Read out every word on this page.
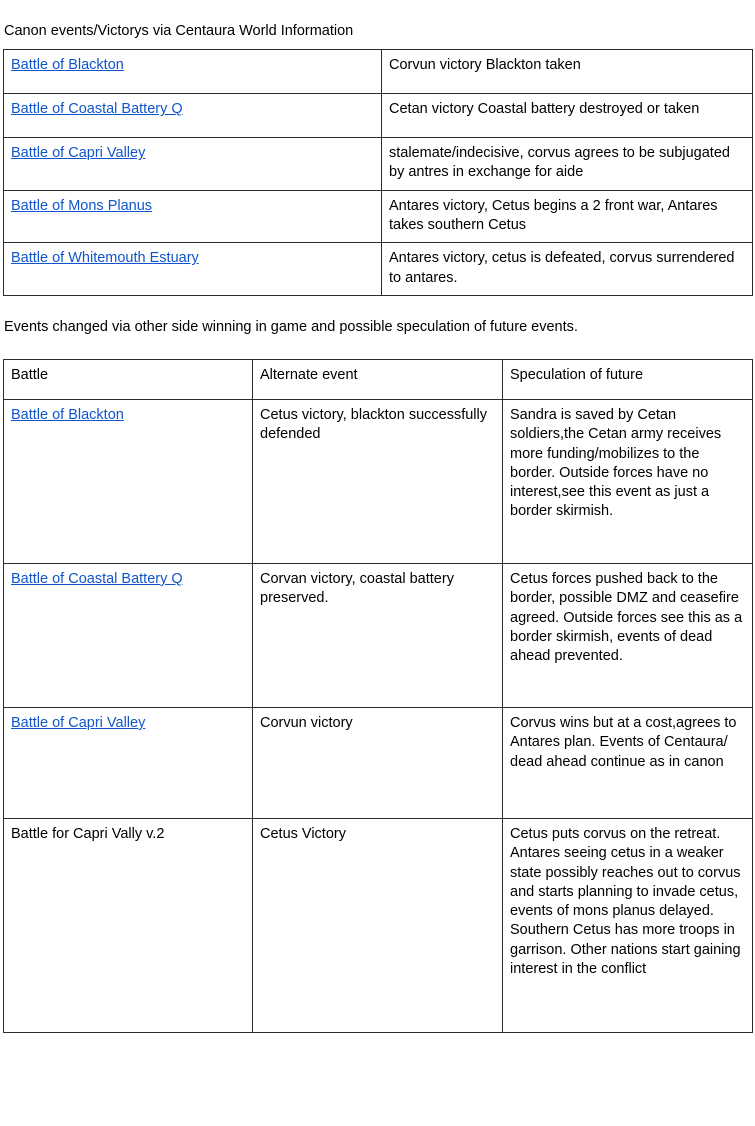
Canon events/Victorys via Centaura World Information

Battle of Blackton	Corvun victory Blackton taken
Battle of Coastal Battery Q	Cetan victory Coastal battery destroyed or taken
Battle of Capri Valley	stalemate/indecisive, corvus agrees to be subjugated by antres in exchange for aide
Battle of Mons Planus	Antares victory, Cetus begins a 2 front war, Antares takes southern Cetus
Battle of Whitemouth Estuary	Antares victory, cetus is defeated, corvus surrendered to antares.

Events changed via other side winning in game and possible speculation of future events.

Battle	Alternate event	Speculation of future
Battle of Blackton	Cetus victory, blackton successfully defended	Sandra is saved by Cetan soldiers,the Cetan army receives more funding/mobilizes to the border. Outside forces have no interest,see this event as just a border skirmish.
Battle of Coastal Battery Q	Corvan victory, coastal battery preserved.	Cetus forces pushed back to the border, possible DMZ and ceasefire agreed. Outside forces see this as a border skirmish, events of dead ahead prevented.
Battle of Capri Valley	Corvun victory	Corvus wins but at a cost,agrees to Antares plan. Events of Centaura/ dead ahead continue as in canon
Battle for Capri Vally v.2	Cetus Victory	Cetus puts corvus on the retreat. Antares seeing cetus in a weaker state possibly reaches out to corvus and starts planning to invade cetus, events of mons planus delayed. Southern Cetus has more troops in garrison. Other nations start gaining interest in the conflict
